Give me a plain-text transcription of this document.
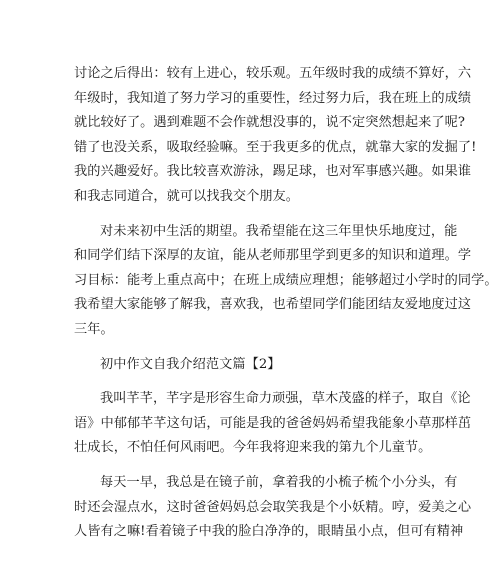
讨论之后得出：较有上进心，较乐观。五年级时我的成绩不算好，六
年级时，我知道了努力学习的重要性，经过努力后，我在班上的成绩
就比较好了。遇到难题不会作就想没事的，说不定突然想起来了呢?
错了也没关系，吸取经验嘛。至于我更多的优点，就靠大家的发掘了!
我的兴趣爱好。我比较喜欢游泳，踢足球，也对军事感兴趣。如果谁
和我志同道合，就可以找我交个朋友。
对未来初中生活的期望。我希望能在这三年里快乐地度过，能
和同学们结下深厚的友谊，能从老师那里学到更多的知识和道理。学
习目标：能考上重点高中；在班上成绩应理想；能够超过小学时的同学。
我希望大家能够了解我，喜欢我，也希望同学们能团结友爱地度过这
三年。
初中作文自我介绍范文篇【2】
我叫芊芊，芊字是形容生命力顽强，草木茂盛的样子，取自《论
语》中郁郁芊芊这句话，可能是我的爸爸妈妈希望我能象小草那样茁
壮成长，不怕任何风雨吧。今年我将迎来我的第九个儿童节。
每天一早，我总是在镜子前，拿着我的小梳子梳个小分头，有
时还会湿点水，这时爸爸妈妈总会取笑我是个小妖精。哼，爱美之心
人皆有之嘛!看着镜子中我的脸白净净的，眼睛虽小点，但可有精神
